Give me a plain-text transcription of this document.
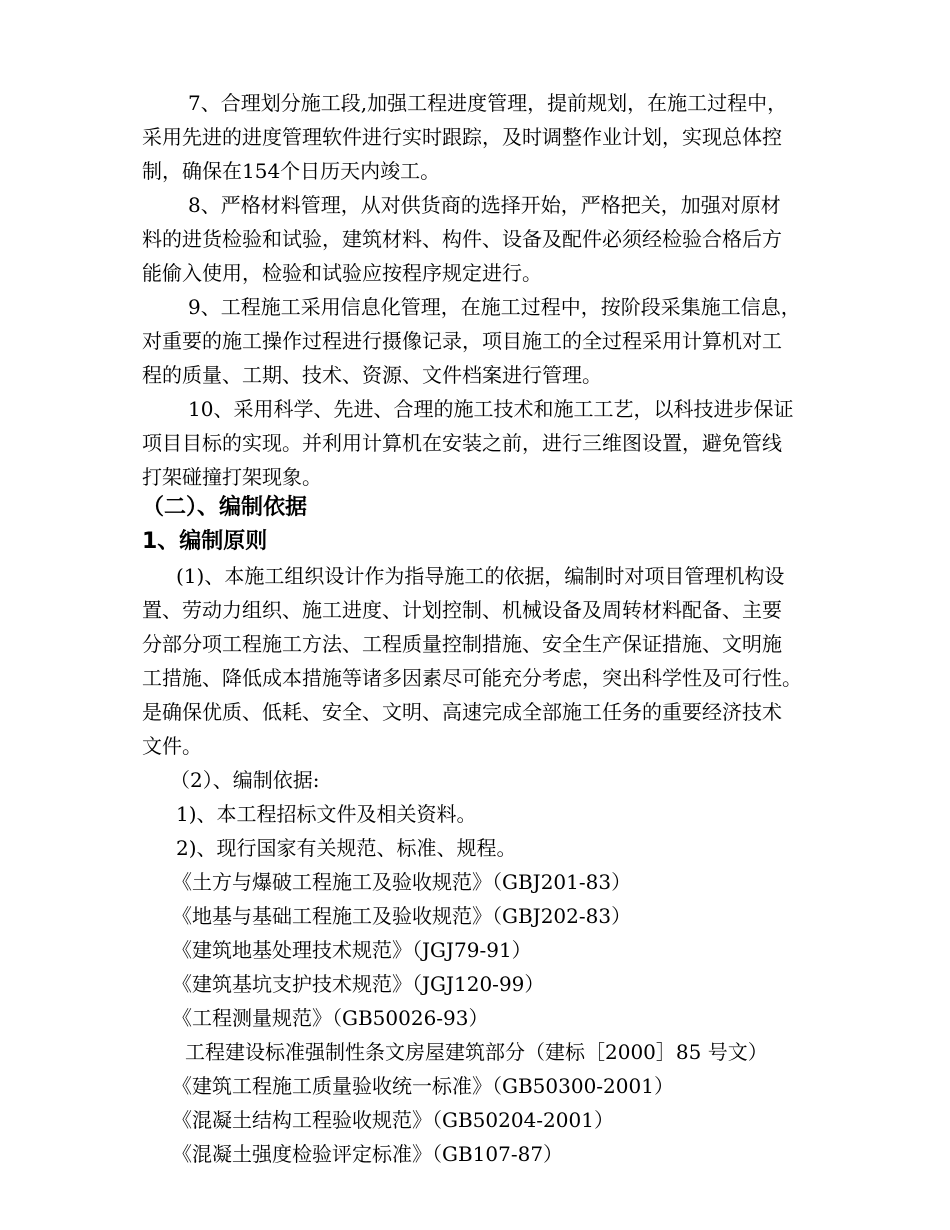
7、合理划分施工段,加强工程进度管理，提前规划，在施工过程中，
采用先进的进度管理软件进行实时跟踪，及时调整作业计划，实现总体控
制，确保在154个日历天内竣工。
8、严格材料管理，从对供货商的选择开始，严格把关，加强对原材
料的进货检验和试验，建筑材料、构件、设备及配件必须经检验合格后方
能偷入使用，检验和试验应按程序规定进行。
9、工程施工采用信息化管理，在施工过程中，按阶段采集施工信息，
对重要的施工操作过程进行摄像记录，项目施工的全过程采用计算机对工
程的质量、工期、技术、资源、文件档案进行管理。
10、采用科学、先进、合理的施工技术和施工工艺，以科技进步保证
项目目标的实现。并利用计算机在安装之前，进行三维图设置，避免管线
打架碰撞打架现象。
（二）、编制依据
1、编制原则
(1)、本施工组织设计作为指导施工的依据，编制时对项目管理机构设
置、劳动力组织、施工进度、计划控制、机械设备及周转材料配备、主要
分部分项工程施工方法、工程质量控制措施、安全生产保证措施、文明施
工措施、降低成本措施等诸多因素尽可能充分考虑，突出科学性及可行性。
是确保优质、低耗、安全、文明、高速完成全部施工任务的重要经济技术
文件。
（2）、编制依据:
1)、本工程招标文件及相关资料。
2)、现行国家有关规范、标准、规程。
《土方与爆破工程施工及验收规范》（GBJ201-83）
《地基与基础工程施工及验收规范》（GBJ202-83）
《建筑地基处理技术规范》（JGJ79-91）
《建筑基坑支护技术规范》（JGJ120-99）
《工程测量规范》（GB50026-93）
工程建设标准强制性条文房屋建筑部分（建标［2000］85 号文）
《建筑工程施工质量验收统一标准》（GB50300-2001）
《混凝土结构工程验收规范》（GB50204-2001）
《混凝土强度检验评定标准》（GB107-87）
